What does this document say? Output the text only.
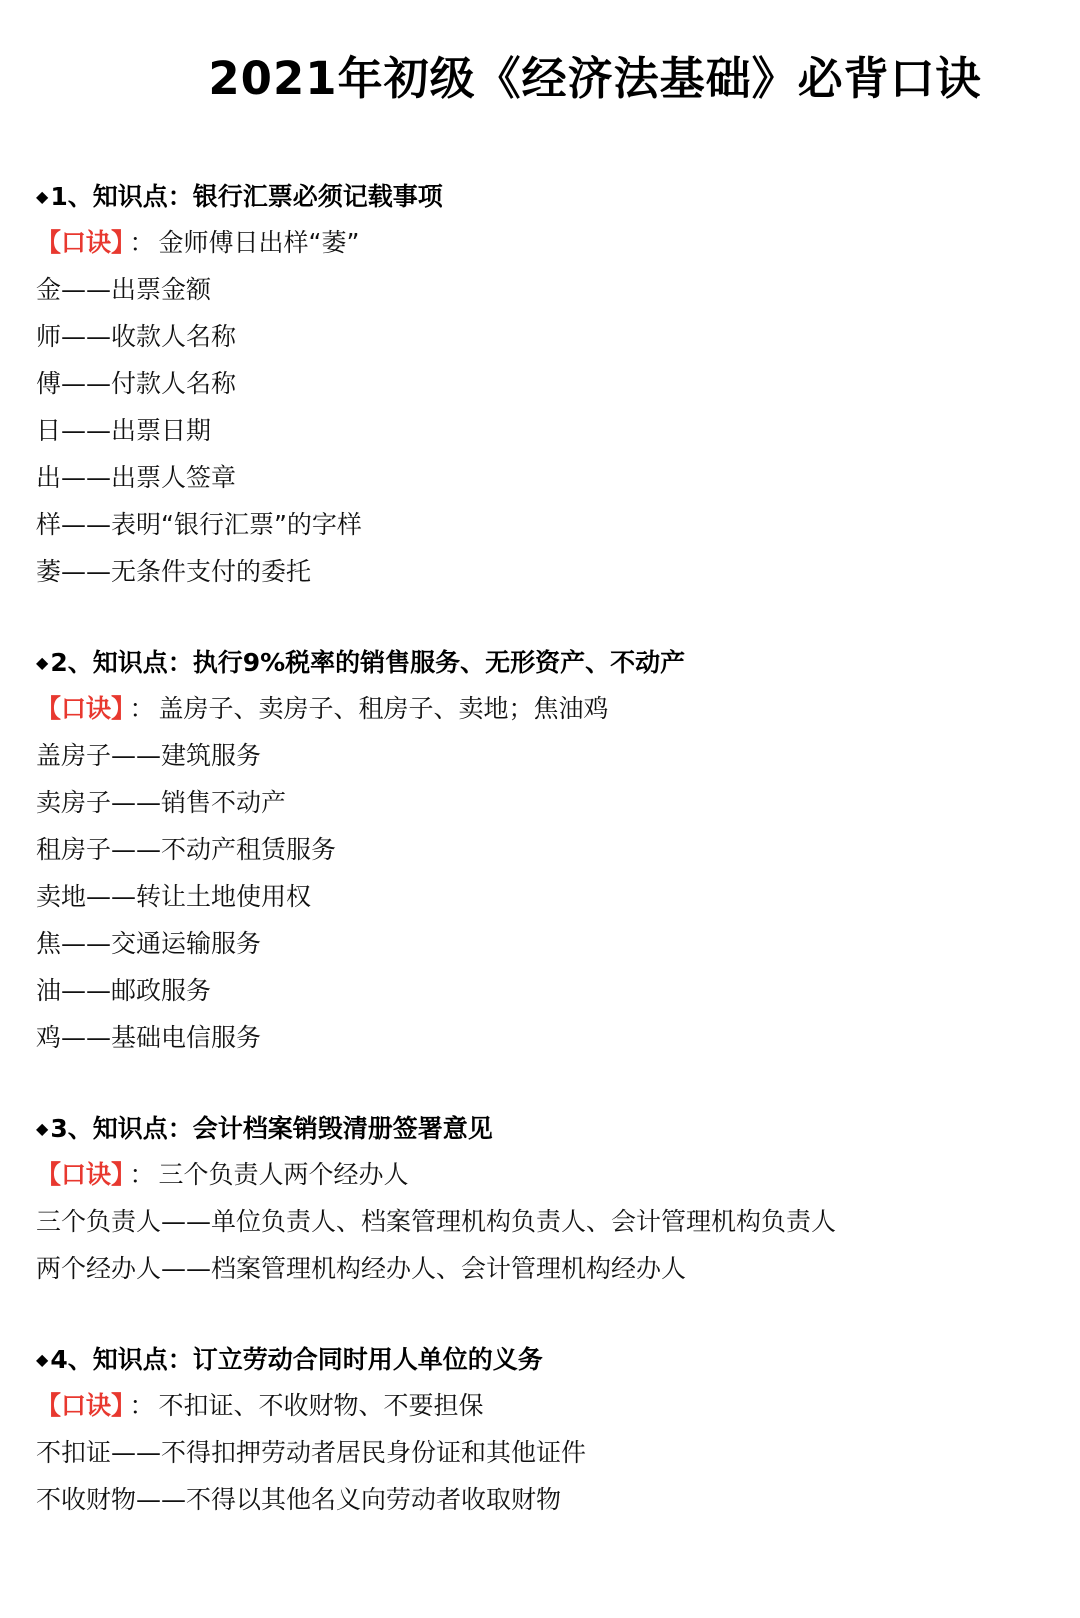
2021年初级《经济法基础》必背口诀
◆1、知识点：银行汇票必须记载事项
【口诀】 ： 金师傅日出样“萎”
金——出票金额
师——收款人名称
傅——付款人名称
日——出票日期
出——出票人签章
样——表明“银行汇票”的字样
萎——无条件支付的委托
◆2、知识点：执行9%税率的销售服务、无形资产、不动产
【口诀】 ： 盖房子、卖房子、租房子、卖地；焦油鸡
盖房子——建筑服务
卖房子——销售不动产
租房子——不动产租赁服务
卖地——转让土地使用权
焦——交通运输服务
油——邮政服务
鸡——基础电信服务
◆3、知识点：会计档案销毁清册签署意见
【口诀】 ： 三个负责人两个经办人
三个负责人——单位负责人、档案管理机构负责人、会计管理机构负责人
两个经办人——档案管理机构经办人、会计管理机构经办人
◆4、知识点：订立劳动合同时用人单位的义务
【口诀】 ： 不扣证、不收财物、不要担保
不扣证——不得扣押劳动者居民身份证和其他证件
不收财物——不得以其他名义向劳动者收取财物
